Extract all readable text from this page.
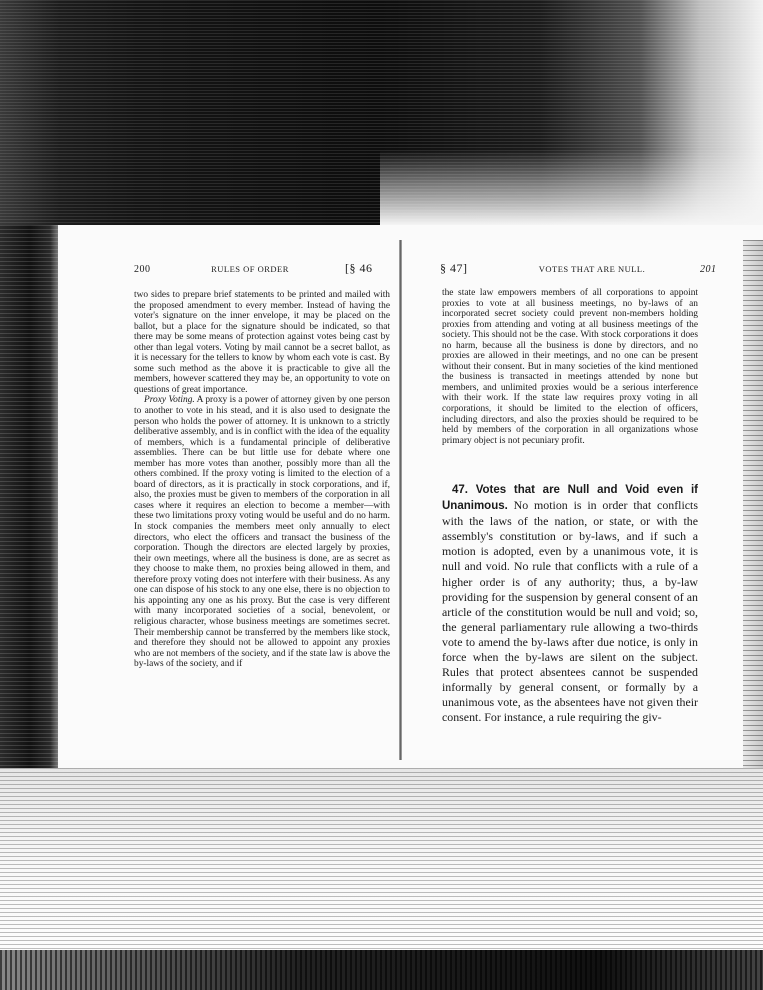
200	RULES OF ORDER	[§ 46

two sides to prepare brief statements to be printed and mailed with the proposed amendment to every member. Instead of having the voter's signature on the inner envelope, it may be placed on the ballot, but a place for the signature should be indicated, so that there may be some means of protection against votes being cast by other than legal voters. Voting by mail cannot be a secret ballot, as it is necessary for the tellers to know by whom each vote is cast. By some such method as the above it is practicable to give all the members, however scattered they may be, an opportunity to vote on questions of great importance.

Proxy Voting. A proxy is a power of attorney given by one person to another to vote in his stead, and it is also used to designate the person who holds the power of attorney. It is unknown to a strictly deliberative assembly, and is in conflict with the idea of the equality of members, which is a fundamental principle of deliberative assemblies. There can be but little use for debate where one member has more votes than another, possibly more than all the others combined. If the proxy voting is limited to the election of a board of directors, as it is practically in stock corporations, and if, also, the proxies must be given to members of the corporation in all cases where it requires an election to become a member—with these two limitations proxy voting would be useful and do no harm. In stock companies the members meet only annually to elect directors, who elect the officers and transact the business of the corporation. Though the directors are elected largely by proxies, their own meetings, where all the business is done, are as secret as they choose to make them, no proxies being allowed in them, and therefore proxy voting does not interfere with their business. As any one can dispose of his stock to any one else, there is no objection to his appointing any one as his proxy. But the case is very different with many incorporated societies of a social, benevolent, or religious character, whose business meetings are sometimes secret. Their membership cannot be transferred by the members like stock, and therefore they should not be allowed to appoint any proxies who are not members of the society, and if the state law is above the by-laws of the society, and if

§ 47]	VOTES THAT ARE NULL.	201

the state law empowers members of all corporations to appoint proxies to vote at all business meetings, no by-laws of an incorporated secret society could prevent non-members holding proxies from attending and voting at all business meetings of the society. This should not be the case. With stock corporations it does no harm, because all the business is done by directors, and no proxies are allowed in their meetings, and no one can be present without their consent. But in many societies of the kind mentioned the business is transacted in meetings attended by none but members, and unlimited proxies would be a serious interference with their work. If the state law requires proxy voting in all corporations, it should be limited to the election of officers, including directors, and also the proxies should be required to be held by members of the corporation in all organizations whose primary object is not pecuniary profit.

47. Votes that are Null and Void even if Unanimous. No motion is in order that conflicts with the laws of the nation, or state, or with the assembly's constitution or by-laws, and if such a motion is adopted, even by a unanimous vote, it is null and void. No rule that conflicts with a rule of a higher order is of any authority; thus, a by-law providing for the suspension by general consent of an article of the constitution would be null and void; so, the general parliamentary rule allowing a two-thirds vote to amend the by-laws after due notice, is only in force when the by-laws are silent on the subject. Rules that protect absentees cannot be suspended informally by general consent, or formally by a unanimous vote, as the absentees have not given their consent. For instance, a rule requiring the giv-
